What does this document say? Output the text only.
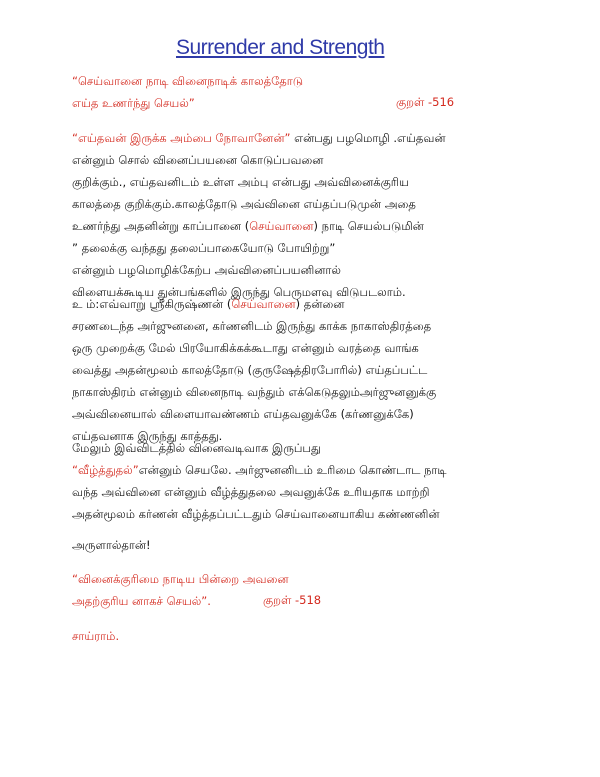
Surrender and Strength
“செய்வானை நாடி வினைநாடிக் காலத்தோடு
எய்த உணர்ந்து செயல்”	குறள் -516
“எய்தவன் இருக்க அம்பை நோவானேன்” என்பது பழமொழி .எய்தவன்
என்னும் சொல் வினைப்பயனை கொடுப்பவனை
குறிக்கும்., எய்தவனிடம் உள்ள அம்பு என்பது அவ்வினைக்குரிய
காலத்தை குறிக்கும்.காலத்தோடு அவ்வினை எய்தப்படுமுன் அதை
உணர்ந்து அதனின்று காப்பானை (செய்வானை) நாடி செயல்படுமின்
” தலைக்கு வந்தது தலைப்பாகையோடு போயிற்று”
என்னும் பழமொழிக்கேற்ப அவ்வினைப்பயனினால்
விளையக்கூடிய துன்பங்களில் இருந்து பெருமளவு விடுபடலாம்.
உ ம்:எவ்வாறு ஸ்ரீகிருஷ்ணன் (செய்வானை) தன்னை
சரணடைந்த அர்ஜுனனை, கர்ணனிடம் இருந்து காக்க நாகாஸ்திரத்தை
ஒரு முறைக்கு மேல் பிரயோகிக்கக்கூடாது என்னும் வரத்தை வாங்க
வைத்து அதன்மூலம் காலத்தோடு (குருஷேத்திரபோரில்) எய்தப்பட்ட
நாகாஸ்திரம் என்னும் வினைநாடி வந்தும் எக்கெடுதலும்அர்ஜுனனுக்கு
அவ்வினையால் விளையாவண்ணம் எய்தவனுக்கே (கர்ணனுக்கே)
எய்தவனாக இருந்து காத்தது.
மேலும் இவ்விடத்தில் வினைவடிவாக இருப்பது
“வீழ்த்துதல்”என்னும் செயலே. அர்ஜுனனிடம் உரிமை கொண்டாட நாடி
வந்த அவ்வினை என்னும் வீழ்த்துதலை அவனுக்கே உரியதாக மாற்றி
அதன்மூலம் கர்ணன் வீழ்த்தப்பட்டதும் செய்வானையாகிய கண்ணனின்
அருளால்தான்!
“வினைக்குரிமை நாடிய பின்றை அவனை
அதற்குரிய னாகச் செயல்”.	குறள் -518
சாய்ராம்.
